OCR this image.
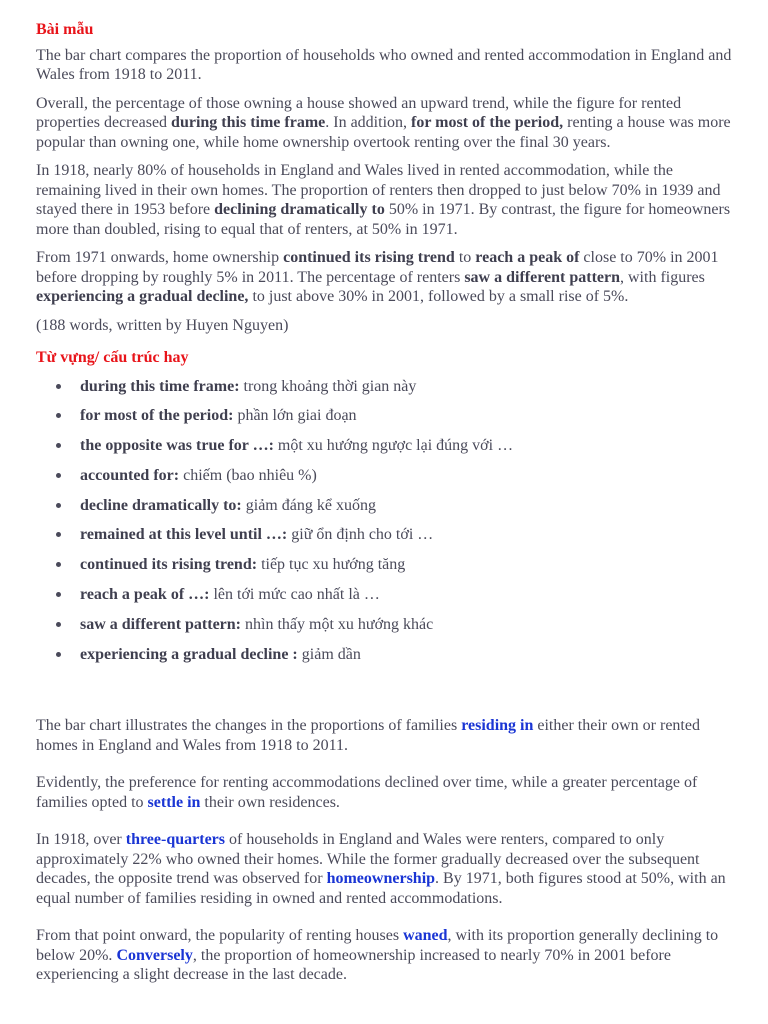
Bài mẫu

The bar chart compares the proportion of households who owned and rented accommodation in England and Wales from 1918 to 2011.

Overall, the percentage of those owning a house showed an upward trend, while the figure for rented properties decreased during this time frame. In addition, for most of the period, renting a house was more popular than owning one, while home ownership overtook renting over the final 30 years.

In 1918, nearly 80% of households in England and Wales lived in rented accommodation, while the remaining lived in their own homes. The proportion of renters then dropped to just below 70% in 1939 and stayed there in 1953 before declining dramatically to 50% in 1971. By contrast, the figure for homeowners more than doubled, rising to equal that of renters, at 50% in 1971.

From 1971 onwards, home ownership continued its rising trend to reach a peak of close to 70% in 2001 before dropping by roughly 5% in 2011. The percentage of renters saw a different pattern, with figures experiencing a gradual decline, to just above 30% in 2001, followed by a small rise of 5%.

(188 words, written by Huyen Nguyen)

Từ vựng/ cấu trúc hay
during this time frame: trong khoảng thời gian này
for most of the period: phần lớn giai đoạn
the opposite was true for …: một xu hướng ngược lại đúng với …
accounted for: chiếm (bao nhiêu %)
decline dramatically to: giảm đáng kể xuống
remained at this level until …: giữ ổn định cho tới …
continued its rising trend: tiếp tục xu hướng tăng
reach a peak of …: lên tới mức cao nhất là …
saw a different pattern: nhìn thấy một xu hướng khác
experiencing a gradual decline : giảm dần

The bar chart illustrates the changes in the proportions of families residing in either their own or rented homes in England and Wales from 1918 to 2011.

Evidently, the preference for renting accommodations declined over time, while a greater percentage of families opted to settle in their own residences.

In 1918, over three-quarters of households in England and Wales were renters, compared to only approximately 22% who owned their homes. While the former gradually decreased over the subsequent decades, the opposite trend was observed for homeownership. By 1971, both figures stood at 50%, with an equal number of families residing in owned and rented accommodations.

From that point onward, the popularity of renting houses waned, with its proportion generally declining to below 20%. Conversely, the proportion of homeownership increased to nearly 70% in 2001 before experiencing a slight decrease in the last decade.
